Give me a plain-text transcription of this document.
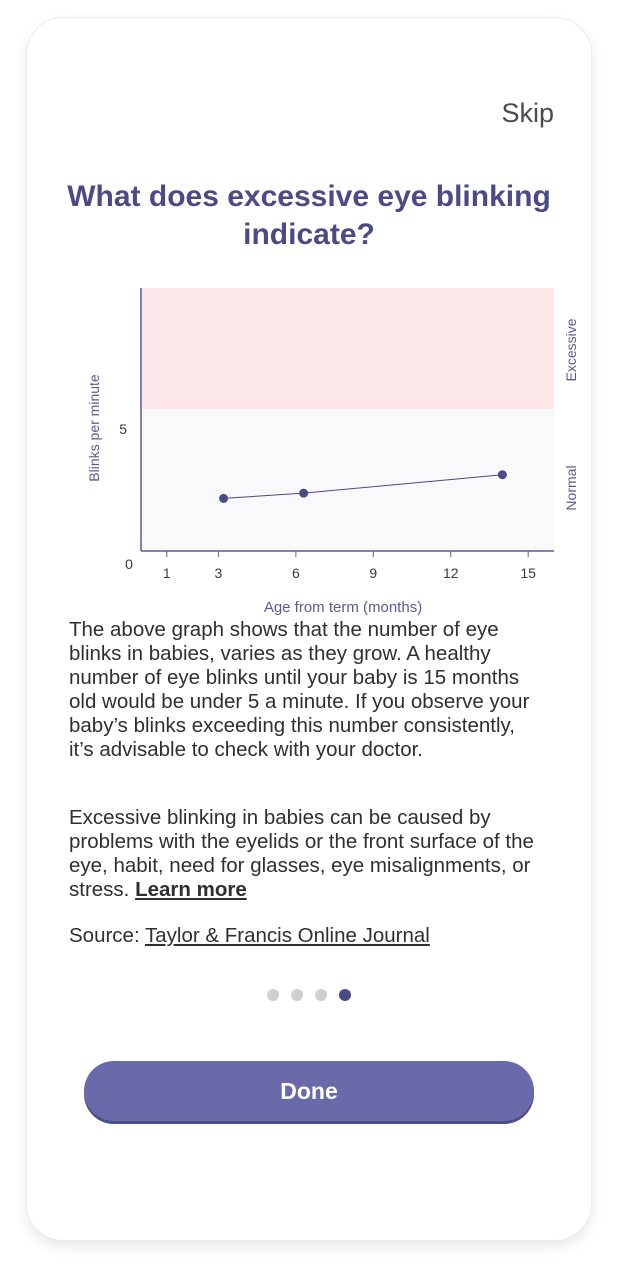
Skip
What does excessive eye blinking indicate?
1	3	6	9	12	15
5
0
Blinks per minute
Age from term (months)
Excessive
Normal
The above graph shows that the number of eye blinks in babies, varies as they grow. A healthy number of eye blinks until your baby is 15 months old would be under 5 a minute. If you observe your baby’s blinks exceeding this number consistently, it’s advisable to check with your doctor.
Excessive blinking in babies can be caused by problems with the eyelids or the front surface of the eye, habit, need for glasses, eye misalignments, or stress. Learn more
Source: Taylor & Francis Online Journal
Done
